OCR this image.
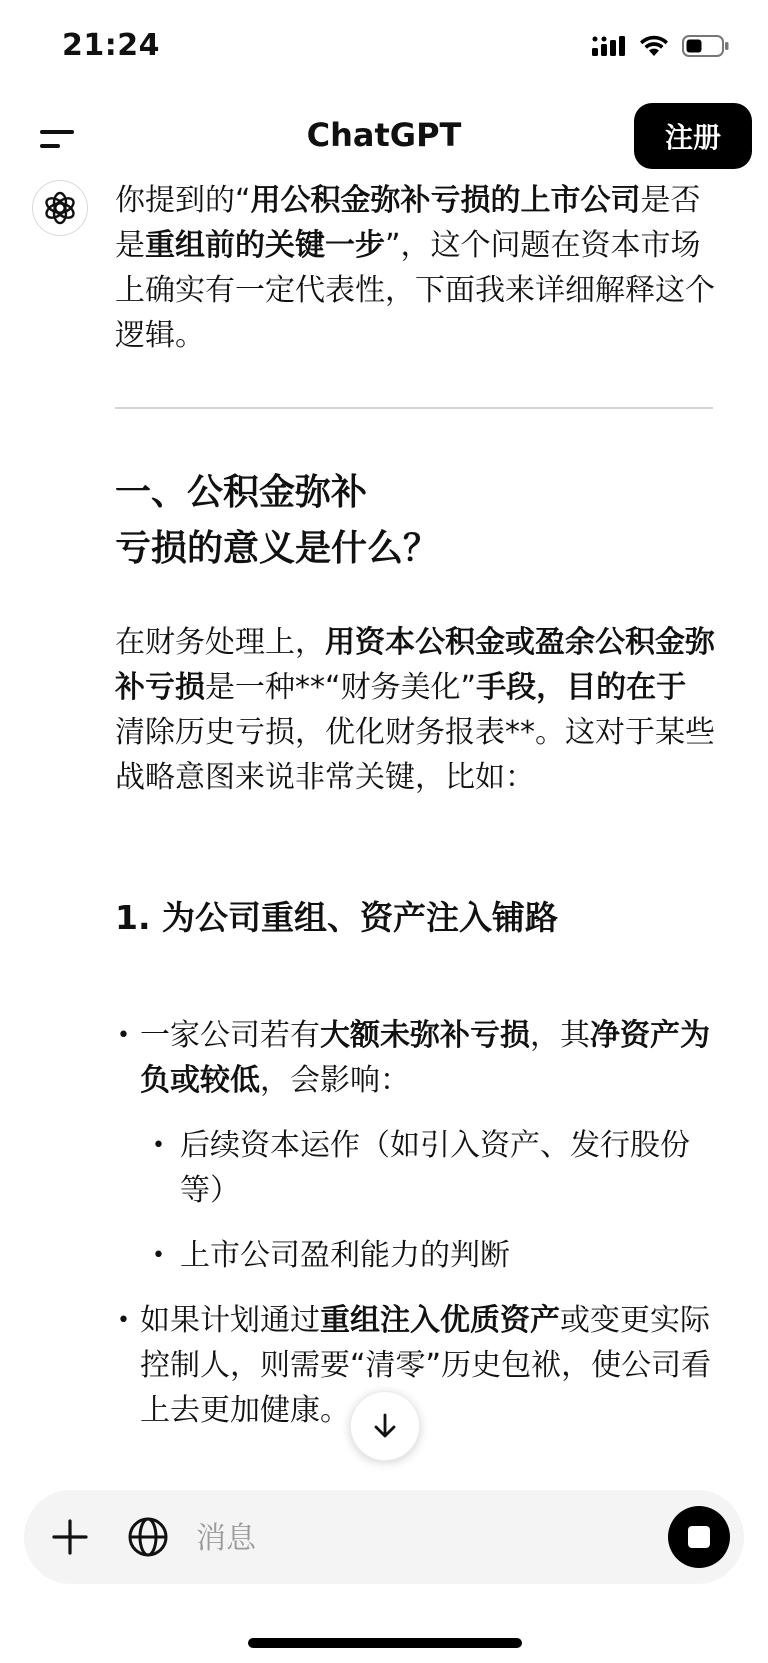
21:24
ChatGPT	注册

你提到的“用公积金弥补亏损的上市公司是否是重组前的关键一步”，这个问题在资本市场上确实有一定代表性，下面我来详细解释这个逻辑。

一、公积金弥补
亏损的意义是什么？
在财务处理上，用资本公积金或盈余公积金弥补亏损是一种**“财务美化”手段，目的在于清除历史亏损，优化财务报表**。这对于某些战略意图来说非常关键，比如：
1. 为公司重组、资产注入铺路
• 一家公司若有大额未弥补亏损，其净资产为负或较低，会影响：
• 后续资本运作（如引入资产、发行股份等）
• 上市公司盈利能力的判断
• 如果计划通过重组注入优质资产或变更实际控制人，则需要“清零”历史包袱，使公司看上去更加健康。
消息
